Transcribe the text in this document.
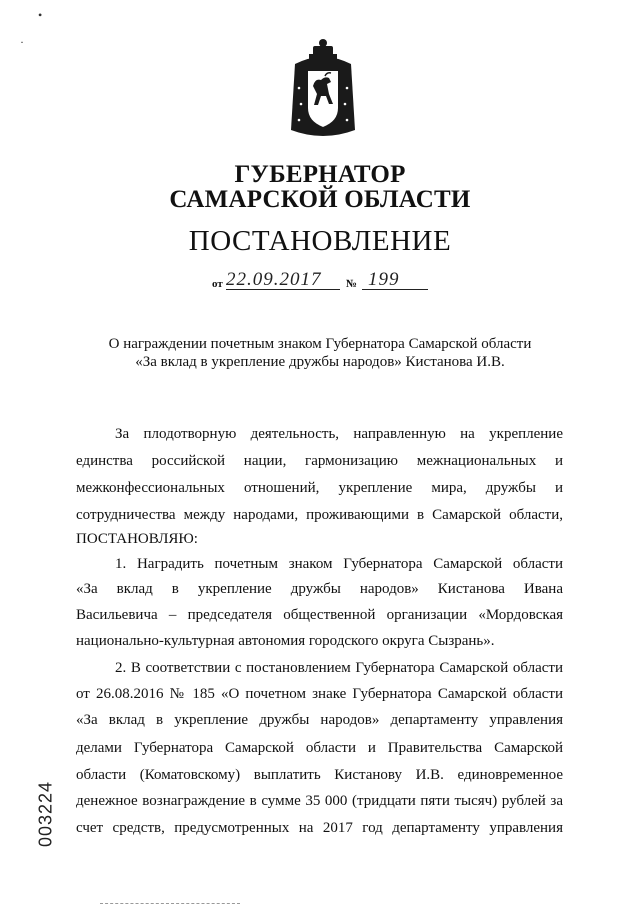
•
·
ГУБЕРНАТОР
САМАРСКОЙ ОБЛАСТИ
ПОСТАНОВЛЕНИЕ
от 22.09.2017 № 199
О награждении почетным знаком Губернатора Самарской области
«За вклад в укрепление дружбы народов» Кистанова И.В.
За плодотворную деятельность, направленную на укрепление
единства российской нации, гармонизацию межнациональных и
межконфессиональных отношений, укрепление мира, дружбы и
сотрудничества между народами, проживающими в Самарской области,
ПОСТАНОВЛЯЮ:
1. Наградить почетным знаком Губернатора Самарской области
«За вклад в укрепление дружбы народов» Кистанова Ивана
Васильевича – председателя общественной организации «Мордовская
национально-культурная автономия городского округа Сызрань».
2. В соответствии с постановлением Губернатора Самарской области
от 26.08.2016 № 185 «О почетном знаке Губернатора Самарской области
«За вклад в укрепление дружбы народов» департаменту управления
делами Губернатора Самарской области и Правительства Самарской
области (Коматовскому) выплатить Кистанову И.В. единовременное
денежное вознаграждение в сумме 35 000 (тридцати пяти тысяч) рублей за
счет средств, предусмотренных на 2017 год департаменту управления
003224
